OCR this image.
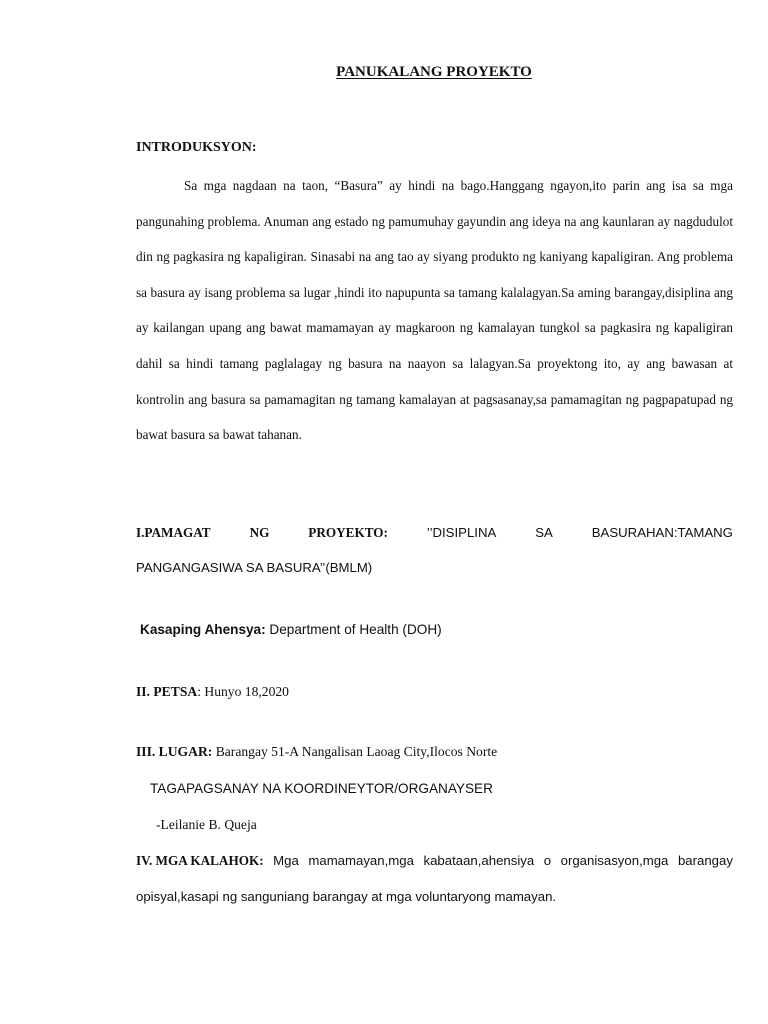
PANUKALANG PROYEKTO
INTRODUKSYON:
Sa mga nagdaan na taon, “Basura” ay hindi na bago.Hanggang ngayon,ito parin ang isa sa mga pangunahing problema. Anuman ang estado ng pamumuhay gayundin ang ideya na ang kaunlaran ay nagdudulot din ng pagkasira ng kapaligiran. Sinasabi na ang tao ay siyang produkto ng kaniyang kapaligiran. Ang problema sa basura ay isang problema sa lugar ,hindi ito napupunta sa tamang kalalagyan.Sa aming barangay,disiplina ang ay kailangan upang ang bawat mamamayan ay magkaroon ng kamalayan tungkol sa pagkasira ng kapaligiran dahil sa hindi tamang paglalagay ng basura na naayon sa lalagyan.Sa proyektong ito, ay ang bawasan at kontrolin ang basura sa pamamagitan ng tamang kamalayan at pagsasanay,sa pamamagitan ng pagpapatupad ng bawat basura sa bawat tahanan.
I.PAMAGAT	NG	PROYEKTO:	’’DISIPLINA	SA	BASURAHAN:TAMANG
PANGANGASIWA SA BASURA’’(BMLM)
Kasaping Ahensya: Department of Health (DOH)
II. PETSA: Hunyo 18,2020
III. LUGAR: Barangay 51-A Nangalisan Laoag City,Ilocos Norte
TAGAPAGSANAY NA KOORDINEYTOR/ORGANAYSER
-Leilanie B. Queja
IV. MGA KALAHOK: Mga mamamayan,mga kabataan,ahensiya o organisasyon,mga barangay
opisyal,kasapi ng sanguniang barangay at mga voluntaryong mamayan.
